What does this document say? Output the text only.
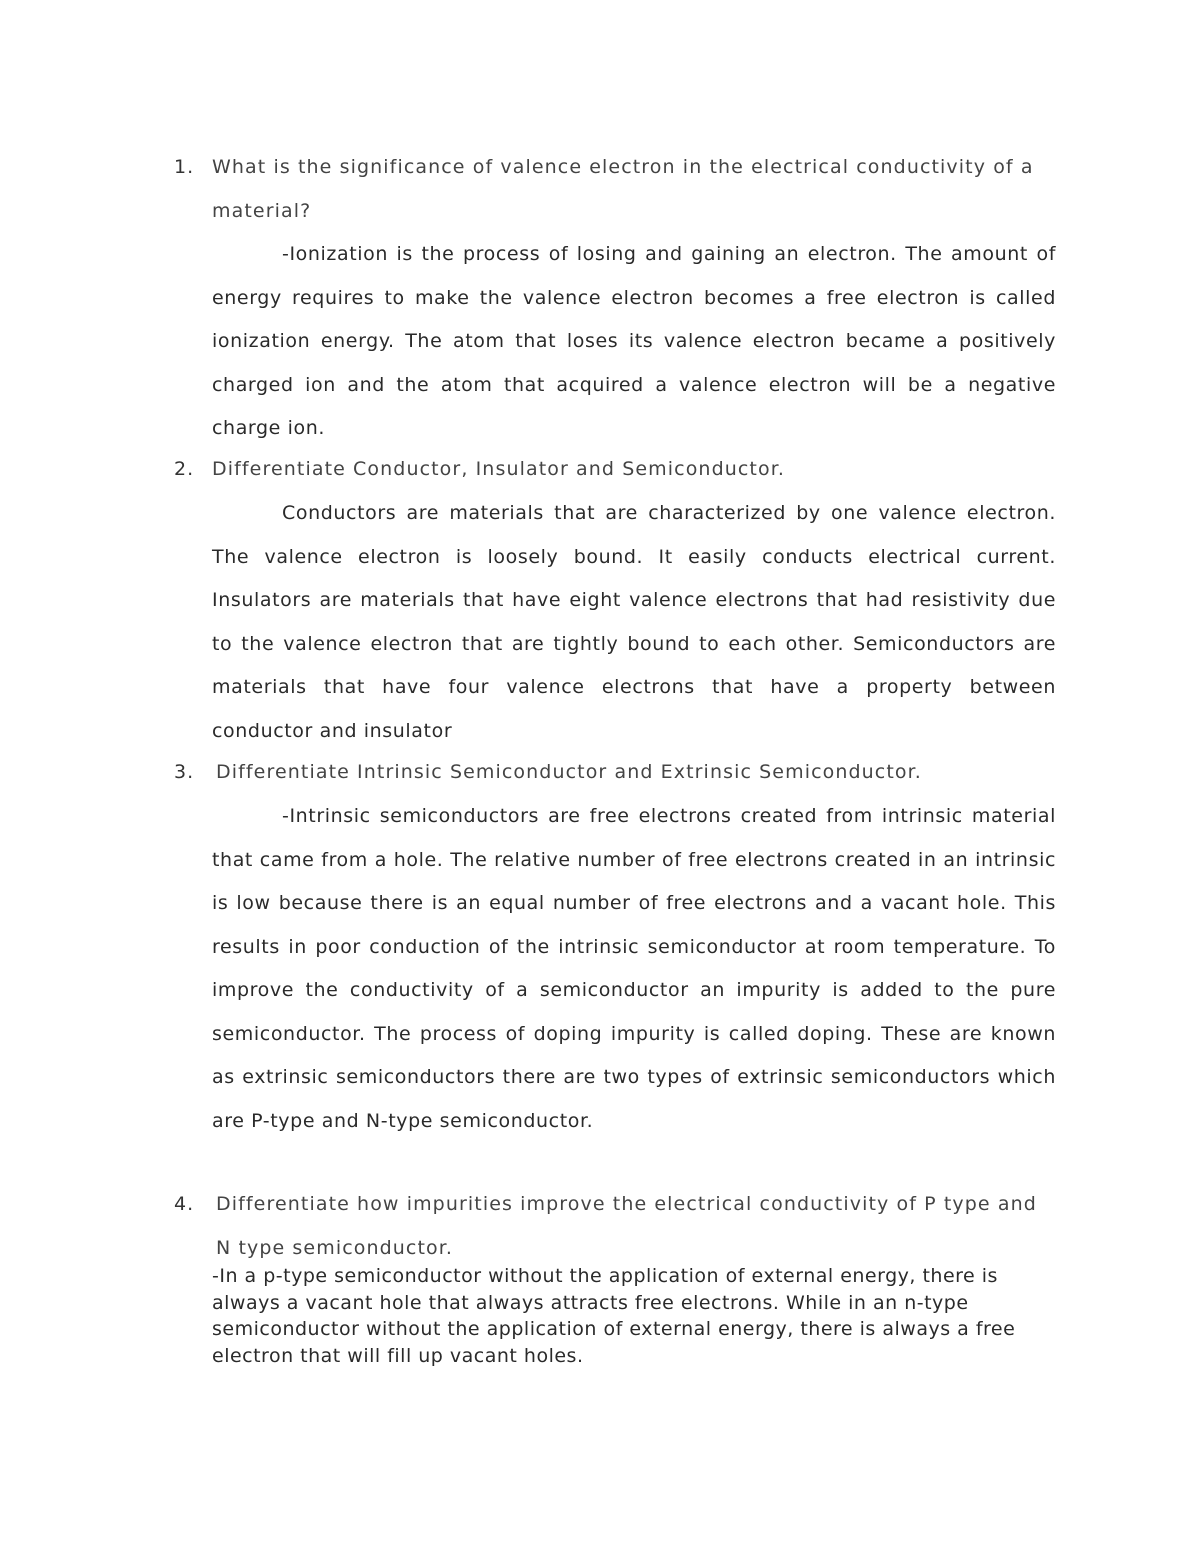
1. What is the significance of valence electron in the electrical conductivity of a material?

-Ionization is the process of losing and gaining an electron. The amount of energy requires to make the valence electron becomes a free electron is called ionization energy. The atom that loses its valence electron became a positively charged ion and the atom that acquired a valence electron will be a negative charge ion.

2. Differentiate Conductor, Insulator and Semiconductor.

Conductors are materials that are characterized by one valence electron. The valence electron is loosely bound. It easily conducts electrical current. Insulators are materials that have eight valence electrons that had resistivity due to the valence electron that are tightly bound to each other. Semiconductors are materials that have four valence electrons that have a property between conductor and insulator

3. Differentiate Intrinsic Semiconductor and Extrinsic Semiconductor.

-Intrinsic semiconductors are free electrons created from intrinsic material that came from a hole. The relative number of free electrons created in an intrinsic is low because there is an equal number of free electrons and a vacant hole. This results in poor conduction of the intrinsic semiconductor at room temperature. To improve the conductivity of a semiconductor an impurity is added to the pure semiconductor. The process of doping impurity is called doping. These are known as extrinsic semiconductors there are two types of extrinsic semiconductors which are P-type and N-type semiconductor.

4. Differentiate how impurities improve the electrical conductivity of P type and N type semiconductor.

-In a p-type semiconductor without the application of external energy, there is always a vacant hole that always attracts free electrons. While in an n-type semiconductor without the application of external energy, there is always a free electron that will fill up vacant holes.
